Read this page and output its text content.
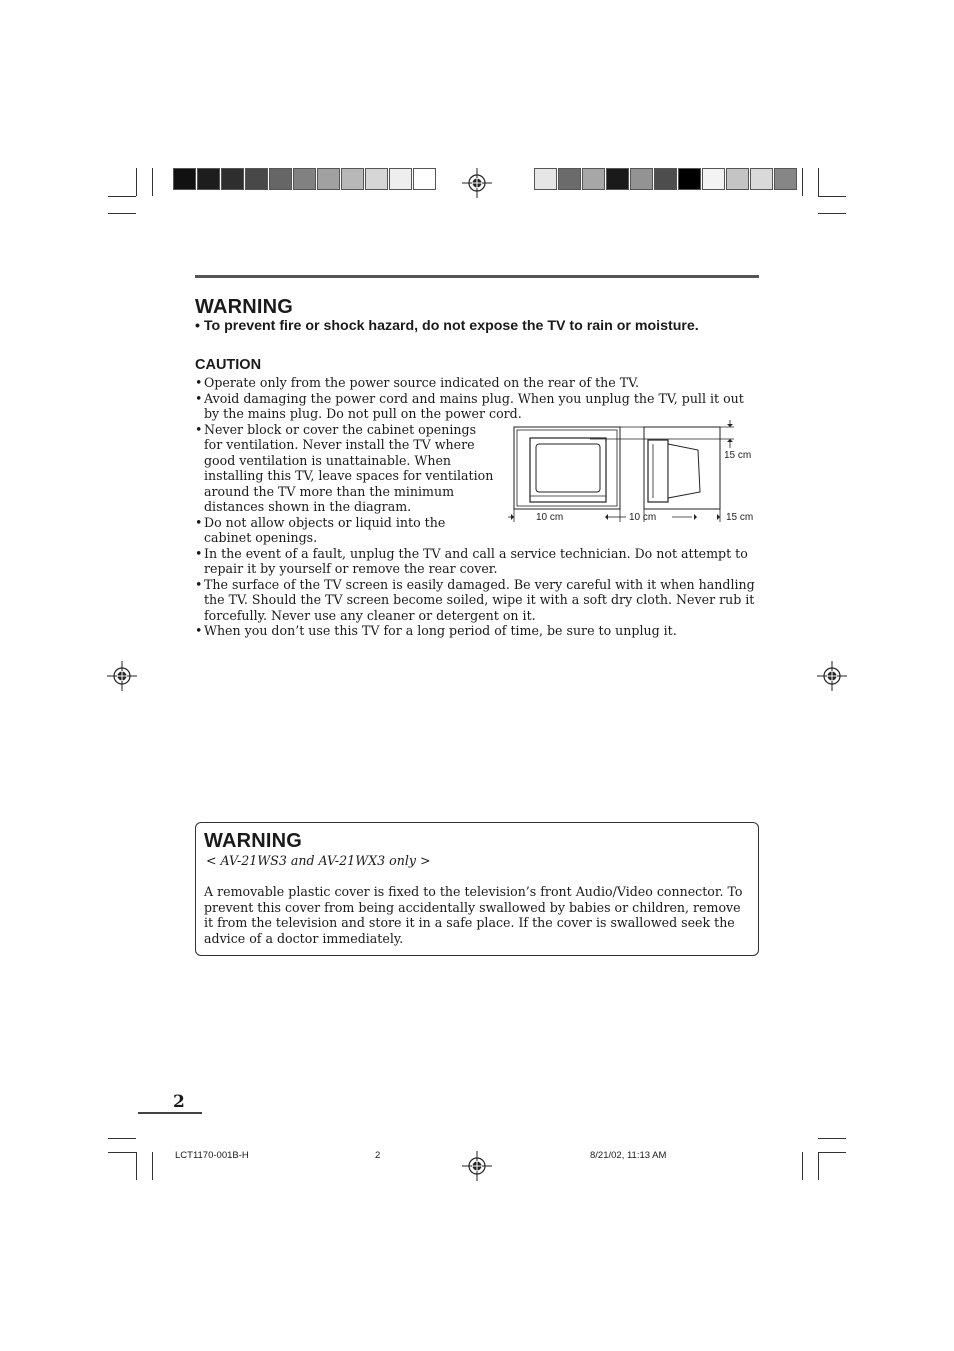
WARNING

• To prevent fire or shock hazard, do not expose the TV to rain or moisture.

CAUTION

• Operate only from the power source indicated on the rear of the TV.
• Avoid damaging the power cord and mains plug. When you unplug the TV, pull it out by the mains plug. Do not pull on the power cord.
• Never block or cover the cabinet openings for ventilation. Never install the TV where good ventilation is unattainable. When installing this TV, leave spaces for ventilation around the TV more than the minimum distances shown in the diagram.
• Do not allow objects or liquid into the cabinet openings.
• In the event of a fault, unplug the TV and call a service technician. Do not attempt to repair it by yourself or remove the rear cover.
• The surface of the TV screen is easily damaged. Be very careful with it when handling the TV. Should the TV screen become soiled, wipe it with a soft dry cloth. Never rub it forcefully. Never use any cleaner or detergent on it.
• When you don’t use this TV for a long period of time, be sure to unplug it.
15 cm
10 cm	10 cm	15 cm
WARNING

< AV-21WS3 and AV-21WX3 only >

A removable plastic cover is fixed to the television’s front Audio/Video connector. To prevent this cover from being accidentally swallowed by babies or children, remove it from the television and store it in a safe place. If the cover is swallowed seek the advice of a doctor immediately.

2

LCT1170-001B-H	2	8/21/02, 11:13 AM
